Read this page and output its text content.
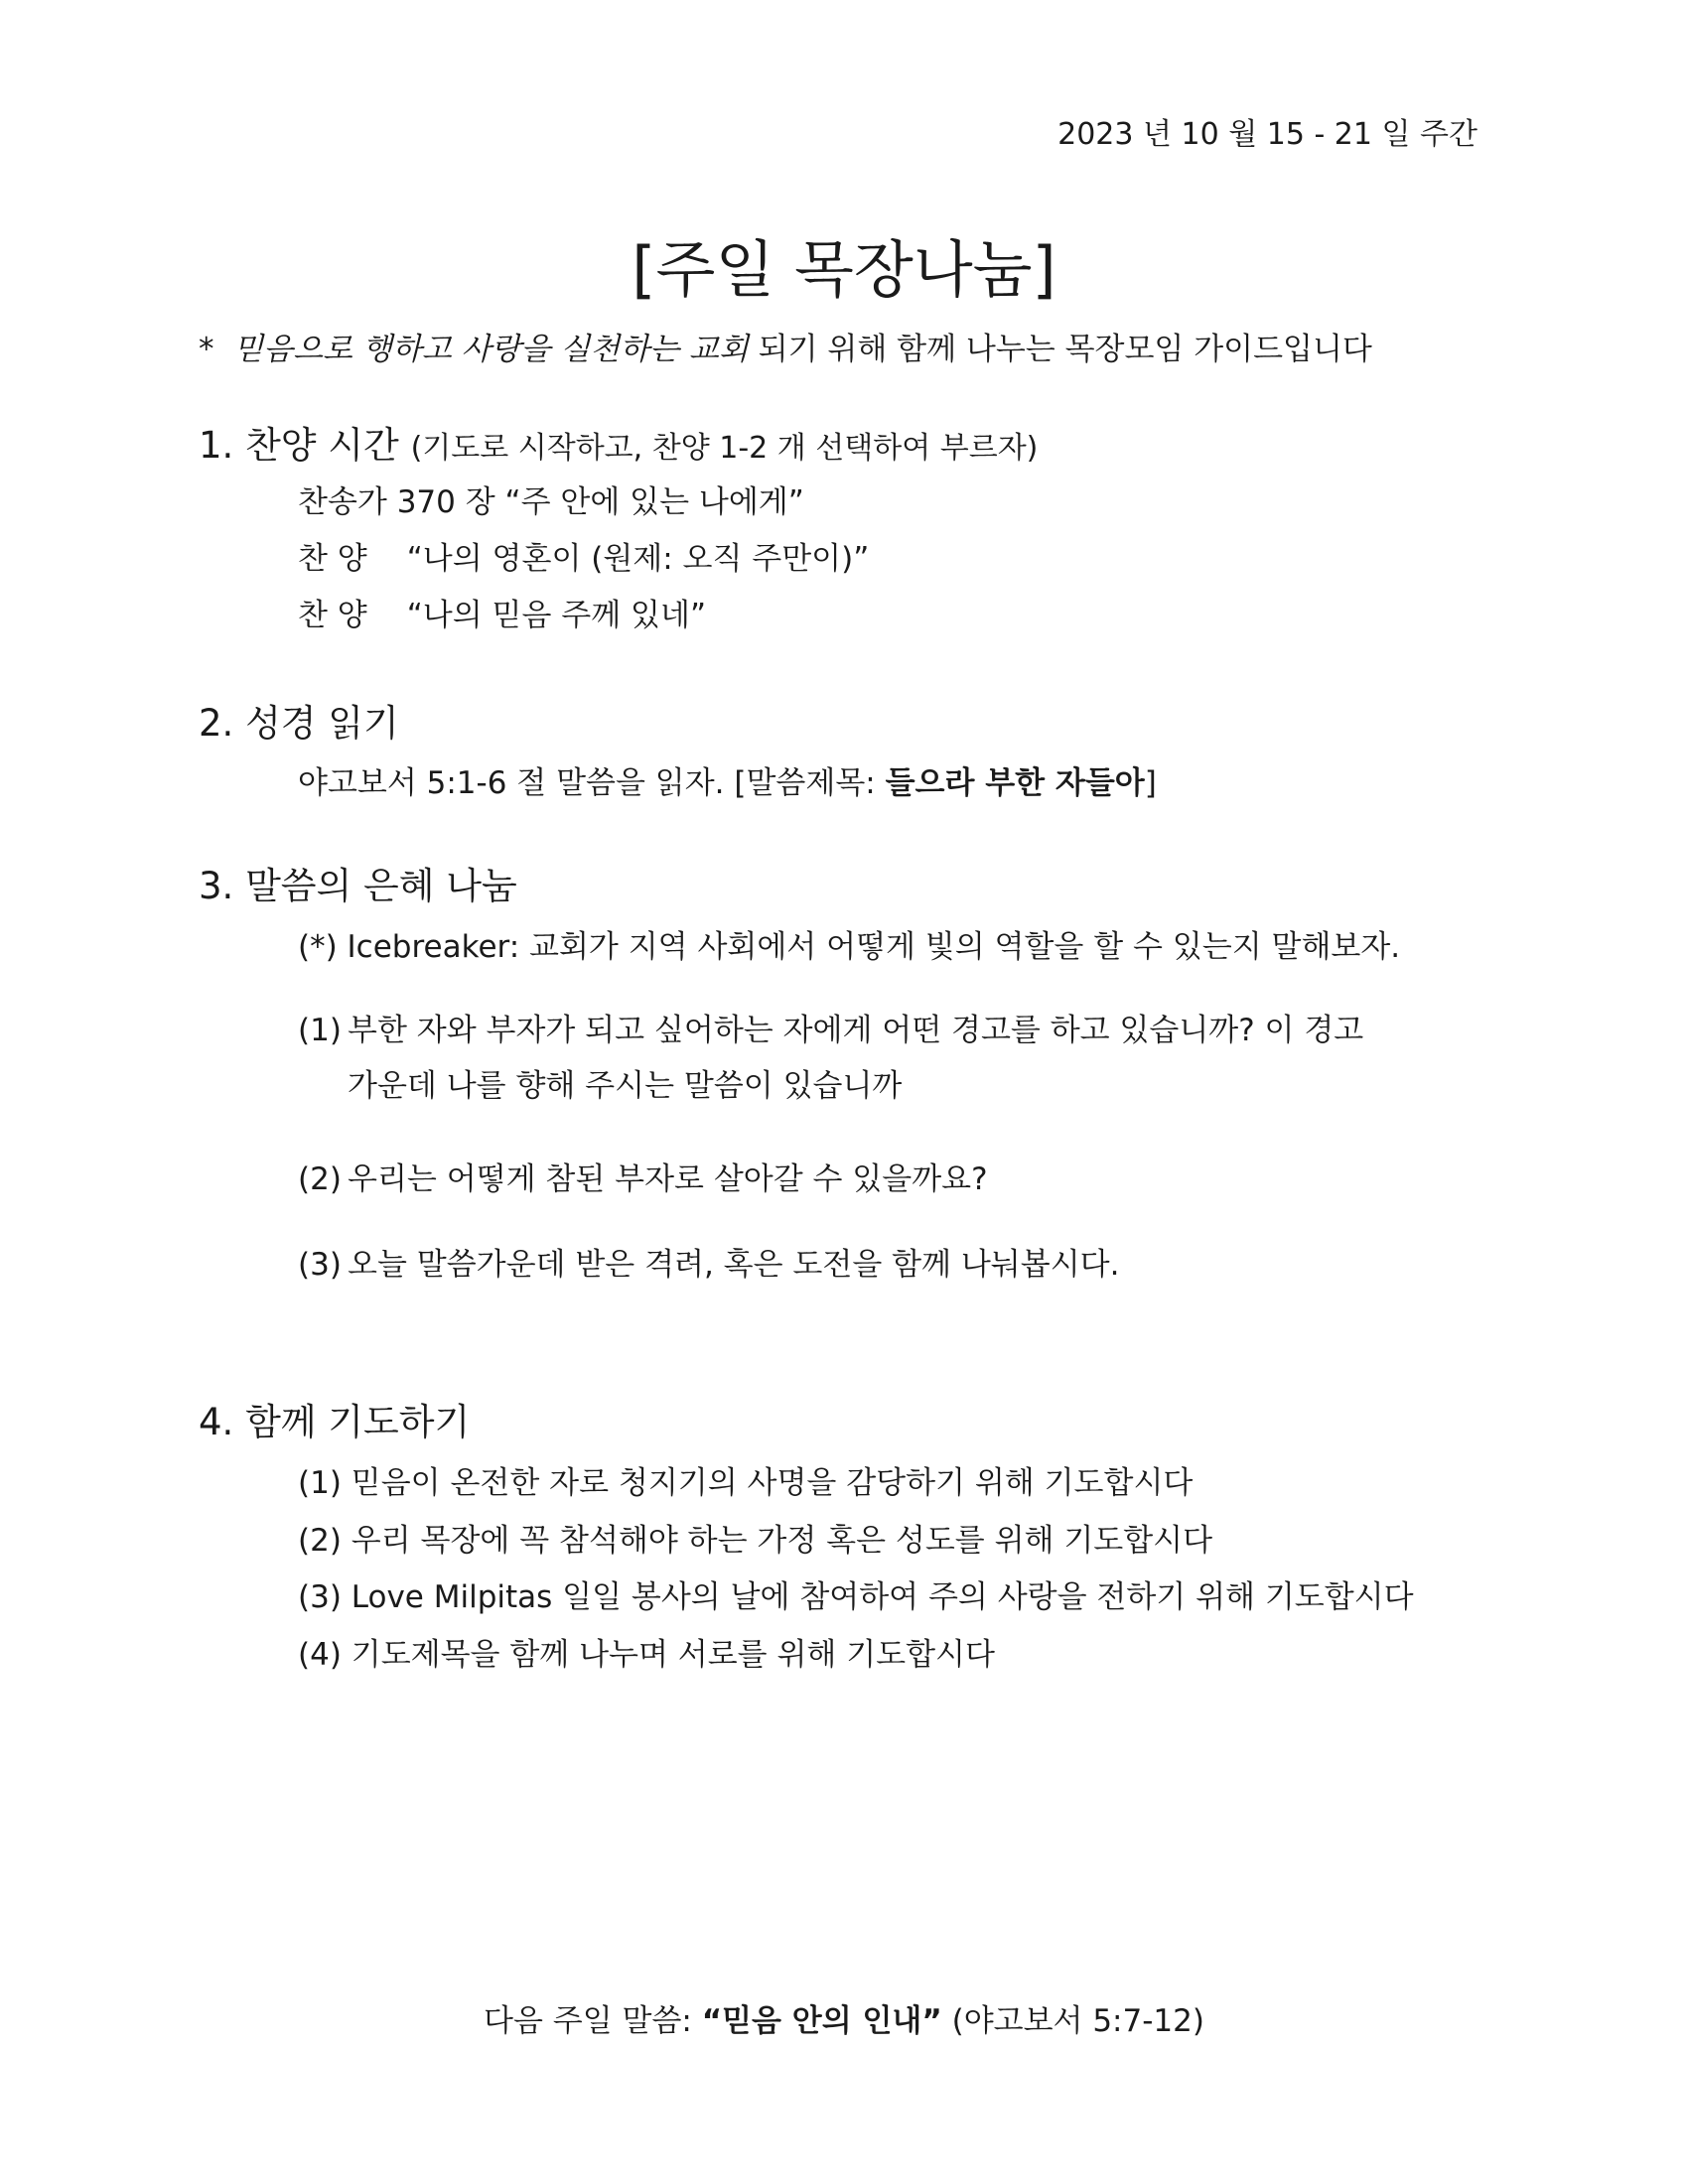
2023 년 10 월 15 - 21 일 주간
[주일 목장나눔]
* 믿음으로 행하고 사랑을 실천하는 교회 되기 위해 함께 나누는 목장모임 가이드입니다
1. 찬양 시간 (기도로 시작하고, 찬양 1-2 개 선택하여 부르자)
찬송가 370 장 “주 안에 있는 나에게”
찬 양 “나의 영혼이 (원제: 오직 주만이)”
찬 양 “나의 믿음 주께 있네”
2. 성경 읽기
야고보서 5:1-6 절 말씀을 읽자. [말씀제목: 들으라 부한 자들아]
3. 말씀의 은혜 나눔
(*) Icebreaker: 교회가 지역 사회에서 어떻게 빛의 역할을 할 수 있는지 말해보자.
(1) 부한 자와 부자가 되고 싶어하는 자에게 어떤 경고를 하고 있습니까? 이 경고
가운데 나를 향해 주시는 말씀이 있습니까
(2) 우리는 어떻게 참된 부자로 살아갈 수 있을까요?
(3) 오늘 말씀가운데 받은 격려, 혹은 도전을 함께 나눠봅시다.
4. 함께 기도하기
(1) 믿음이 온전한 자로 청지기의 사명을 감당하기 위해 기도합시다
(2) 우리 목장에 꼭 참석해야 하는 가정 혹은 성도를 위해 기도합시다
(3) Love Milpitas 일일 봉사의 날에 참여하여 주의 사랑을 전하기 위해 기도합시다
(4) 기도제목을 함께 나누며 서로를 위해 기도합시다
다음 주일 말씀: “믿음 안의 인내” (야고보서 5:7-12)
